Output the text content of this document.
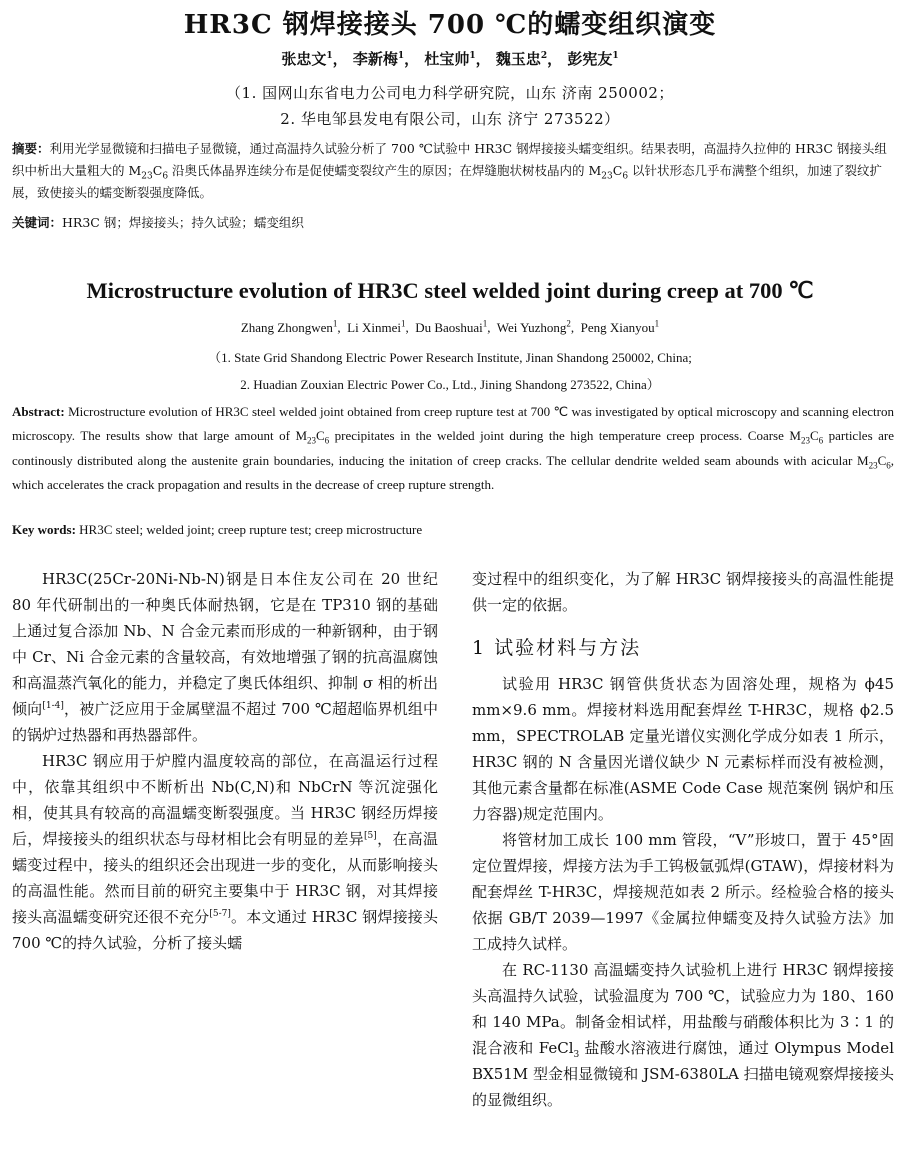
HR3C 钢焊接接头 700 ℃的蠕变组织演变
张忠文$^1$， 李新梅$^1$， 杜宝帅$^1$， 魏玉忠$^2$， 彭宪友$^1$
（1. 国网山东省电力公司电力科学研究院，山东 济南 250002；
2. 华电邹县发电有限公司，山东 济宁 273522）
摘要：利用光学显微镜和扫描电子显微镜，通过高温持久试验分析了 700 ℃试验中 HR3C 钢焊接接头蠕变组织。结果表明，高温持久拉伸的 HR3C 钢接头组织中析出大量粗大的 $M_{23}C_6$ 沿奥氏体晶界连续分布是促使蠕变裂纹产生的原因；在焊缝胞状树枝晶内的 $M_{23}C_6$ 以针状形态几乎布满整个组织，加速了裂纹扩展，致使接头的蠕变断裂强度降低。
关键词：HR3C 钢；焊接接头；持久试验；蠕变组织
Microstructure evolution of HR3C steel welded joint during creep at 700 ℃
Zhang Zhongwen$^1$,  Li Xinmei$^1$,  Du Baoshuai$^1$,  Wei Yuzhong$^2$,  Peng Xianyou$^1$
（1. State Grid Shandong Electric Power Research Institute, Jinan Shandong 250002, China;
2. Huadian Zouxian Electric Power Co., Ltd., Jining Shandong 273522, China）
Abstract: Microstructure evolution of HR3C steel welded joint obtained from creep rupture test at 700 ℃ was investigated by optical microscopy and scanning electron microscopy. The results show that large amount of $M_{23}C_6$ precipitates in the welded joint during the high temperature creep process. Coarse $M_{23}C_6$ particles are continously distributed along the austenite grain boundaries, inducing the initation of creep cracks. The cellular dendrite welded seam abounds with acicular $M_{23}C_6$, which accelerates the crack propagation and results in the decrease of creep rupture strength.
Key words: HR3C steel; welded joint; creep rupture test; creep microstructure

HR3C(25Cr-20Ni-Nb-N)钢是日本住友公司在 20 世纪 80 年代研制出的一种奥氏体耐热钢，它是在 TP310 钢的基础上通过复合添加 Nb、N 合金元素而形成的一种新钢种，由于钢中 Cr、Ni 合金元素的含量较高，有效地增强了钢的抗高温腐蚀和高温蒸汽氧化的能力，并稳定了奥氏体组织、抑制 σ 相的析出倾向[1-4]，被广泛应用于金属壁温不超过 700 ℃超超临界机组中的锅炉过热器和再热器部件。

HR3C 钢应用于炉膛内温度较高的部位，在高温运行过程中，依靠其组织中不断析出 Nb(C,N)和 NbCrN 等沉淀强化相，使其具有较高的高温蠕变断裂强度。当 HR3C 钢经历焊接后，焊接接头的组织状态与母材相比会有明显的差异[5]，在高温蠕变过程中，接头的组织还会出现进一步的变化，从而影响接头的高温性能。然而目前的研究主要集中于 HR3C 钢，对其焊接接头高温蠕变研究还很不充分[5-7]。本文通过 HR3C 钢焊接接头 700 ℃的持久试验，分析了接头蠕

变过程中的组织变化，为了解 HR3C 钢焊接接头的高温性能提供一定的依据。

1 试验材料与方法

试验用 HR3C 钢管供货状态为固溶处理，规格为 ϕ45 mm×9.6 mm。焊接材料选用配套焊丝 T-HR3C，规格 ϕ2.5 mm，SPECTROLAB 定量光谱仪实测化学成分如表 1 所示，HR3C 钢的 N 含量因光谱仪缺少 N 元素标样而没有被检测，其他元素含量都在标准(ASME Code Case 规范案例 锅炉和压力容器)规定范围内。

将管材加工成长 100 mm 管段，“V”形坡口，置于 45°固定位置焊接，焊接方法为手工钨极氩弧焊(GTAW)，焊接材料为配套焊丝 T-HR3C，焊接规范如表 2 所示。经检验合格的接头依据 GB/T 2039—1997《金属拉伸蠕变及持久试验方法》加工成持久试样。

在 RC-1130 高温蠕变持久试验机上进行 HR3C 钢焊接接头高温持久试验，试验温度为 700 ℃，试验应力为 180、160 和 140 MPa。制备金相试样，用盐酸与硝酸体积比为 3∶1 的混合液和 FeCl$_3$ 盐酸水溶液进行腐蚀，通过 Olympus Model BX51M 型金相显微镜和 JSM-6380LA 扫描电镜观察焊接接头的显微组织。
